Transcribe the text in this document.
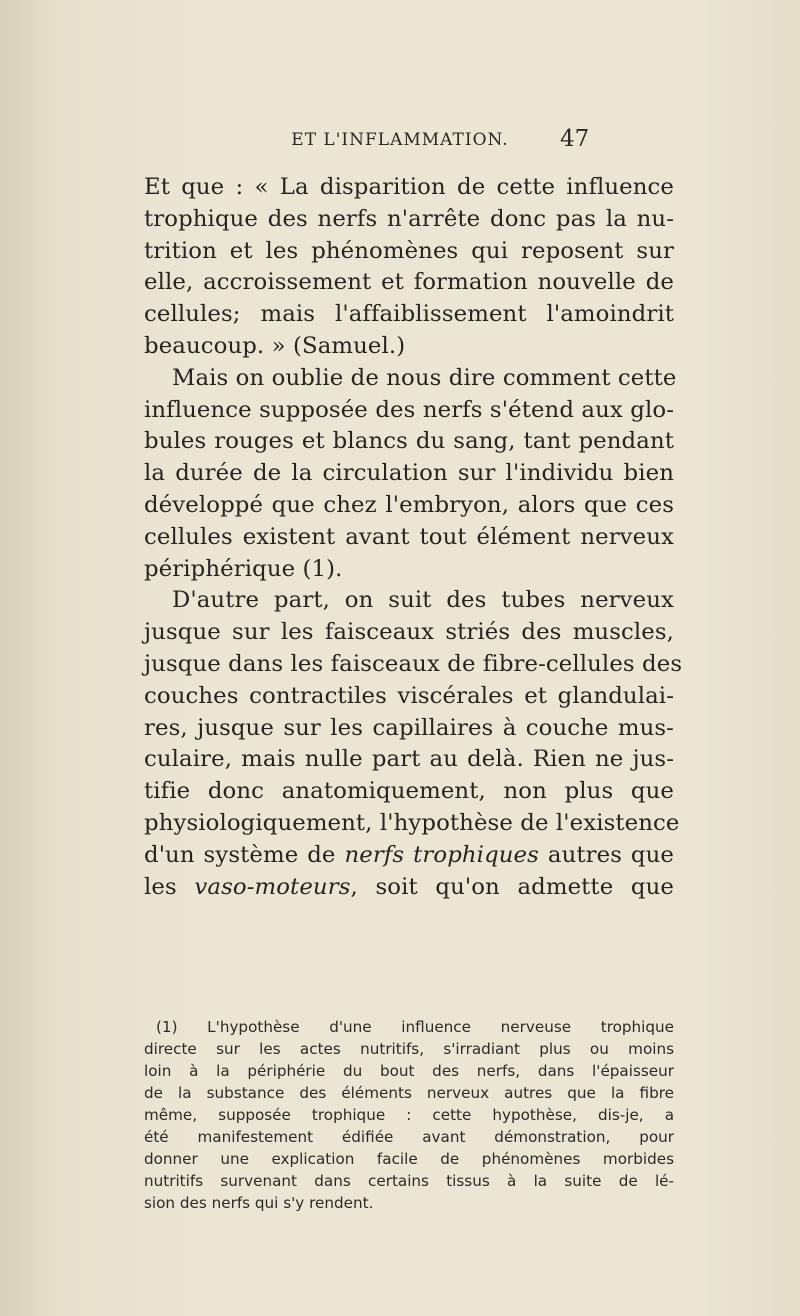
ET L'INFLAMMATION.	47
Et que : « La disparition de cette influence
trophique des nerfs n'arrête donc pas la nu-
trition et les phénomènes qui reposent sur
elle, accroissement et formation nouvelle de
cellules; mais l'affaiblissement l'amoindrit
beaucoup. » (Samuel.)
Mais on oublie de nous dire comment cette
influence supposée des nerfs s'étend aux glo-
bules rouges et blancs du sang, tant pendant
la durée de la circulation sur l'individu bien
développé que chez l'embryon, alors que ces
cellules existent avant tout élément nerveux
périphérique (1).
D'autre part, on suit des tubes nerveux
jusque sur les faisceaux striés des muscles,
jusque dans les faisceaux de fibre-cellules des
couches contractiles viscérales et glandulai-
res, jusque sur les capillaires à couche mus-
culaire, mais nulle part au delà. Rien ne jus-
tifie donc anatomiquement, non plus que
physiologiquement, l'hypothèse de l'existence
d'un système de nerfs trophiques autres que
les vaso-moteurs, soit qu'on admette que
(1) L'hypothèse d'une influence nerveuse trophique
directe sur les actes nutritifs, s'irradiant plus ou moins
loin à la périphérie du bout des nerfs, dans l'épaisseur
de la substance des éléments nerveux autres que la fibre
même, supposée trophique : cette hypothèse, dis-je, a
été manifestement édifiée avant démonstration, pour
donner une explication facile de phénomènes morbides
nutritifs survenant dans certains tissus à la suite de lé-
sion des nerfs qui s'y rendent.
